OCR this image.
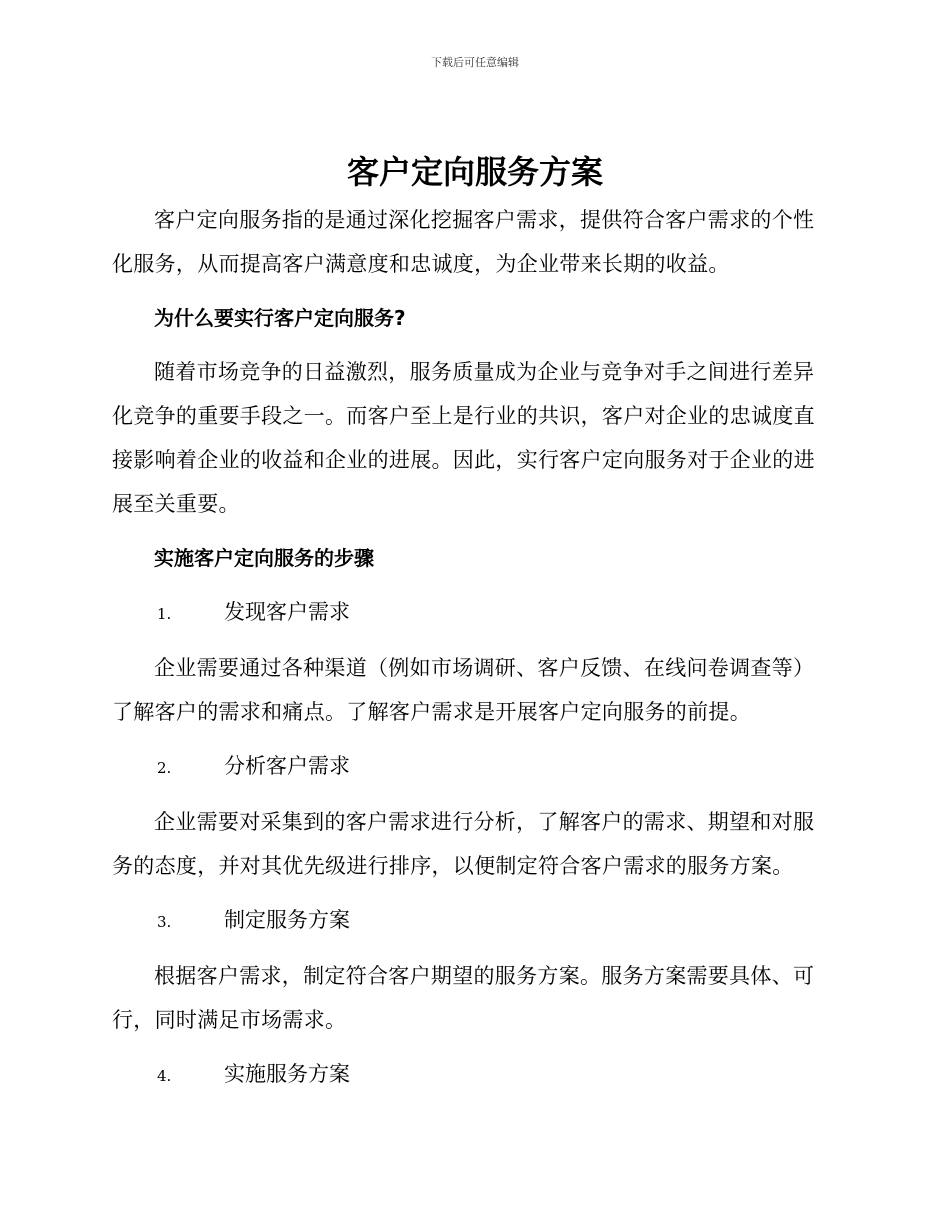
下载后可任意编辑
客户定向服务方案

客户定向服务指的是通过深化挖掘客户需求，提供符合客户需求的个性化服务，从而提高客户满意度和忠诚度，为企业带来长期的收益。

为什么要实行客户定向服务?

随着市场竞争的日益激烈，服务质量成为企业与竞争对手之间进行差异化竞争的重要手段之一。而客户至上是行业的共识，客户对企业的忠诚度直接影响着企业的收益和企业的进展。因此，实行客户定向服务对于企业的进展至关重要。

实施客户定向服务的步骤
1.	发现客户需求

企业需要通过各种渠道（例如市场调研、客户反馈、在线问卷调查等）了解客户的需求和痛点。了解客户需求是开展客户定向服务的前提。

2.	分析客户需求

企业需要对采集到的客户需求进行分析，了解客户的需求、期望和对服务的态度，并对其优先级进行排序，以便制定符合客户需求的服务方案。

3.	制定服务方案

根据客户需求，制定符合客户期望的服务方案。服务方案需要具体、可行，同时满足市场需求。

4.	实施服务方案
